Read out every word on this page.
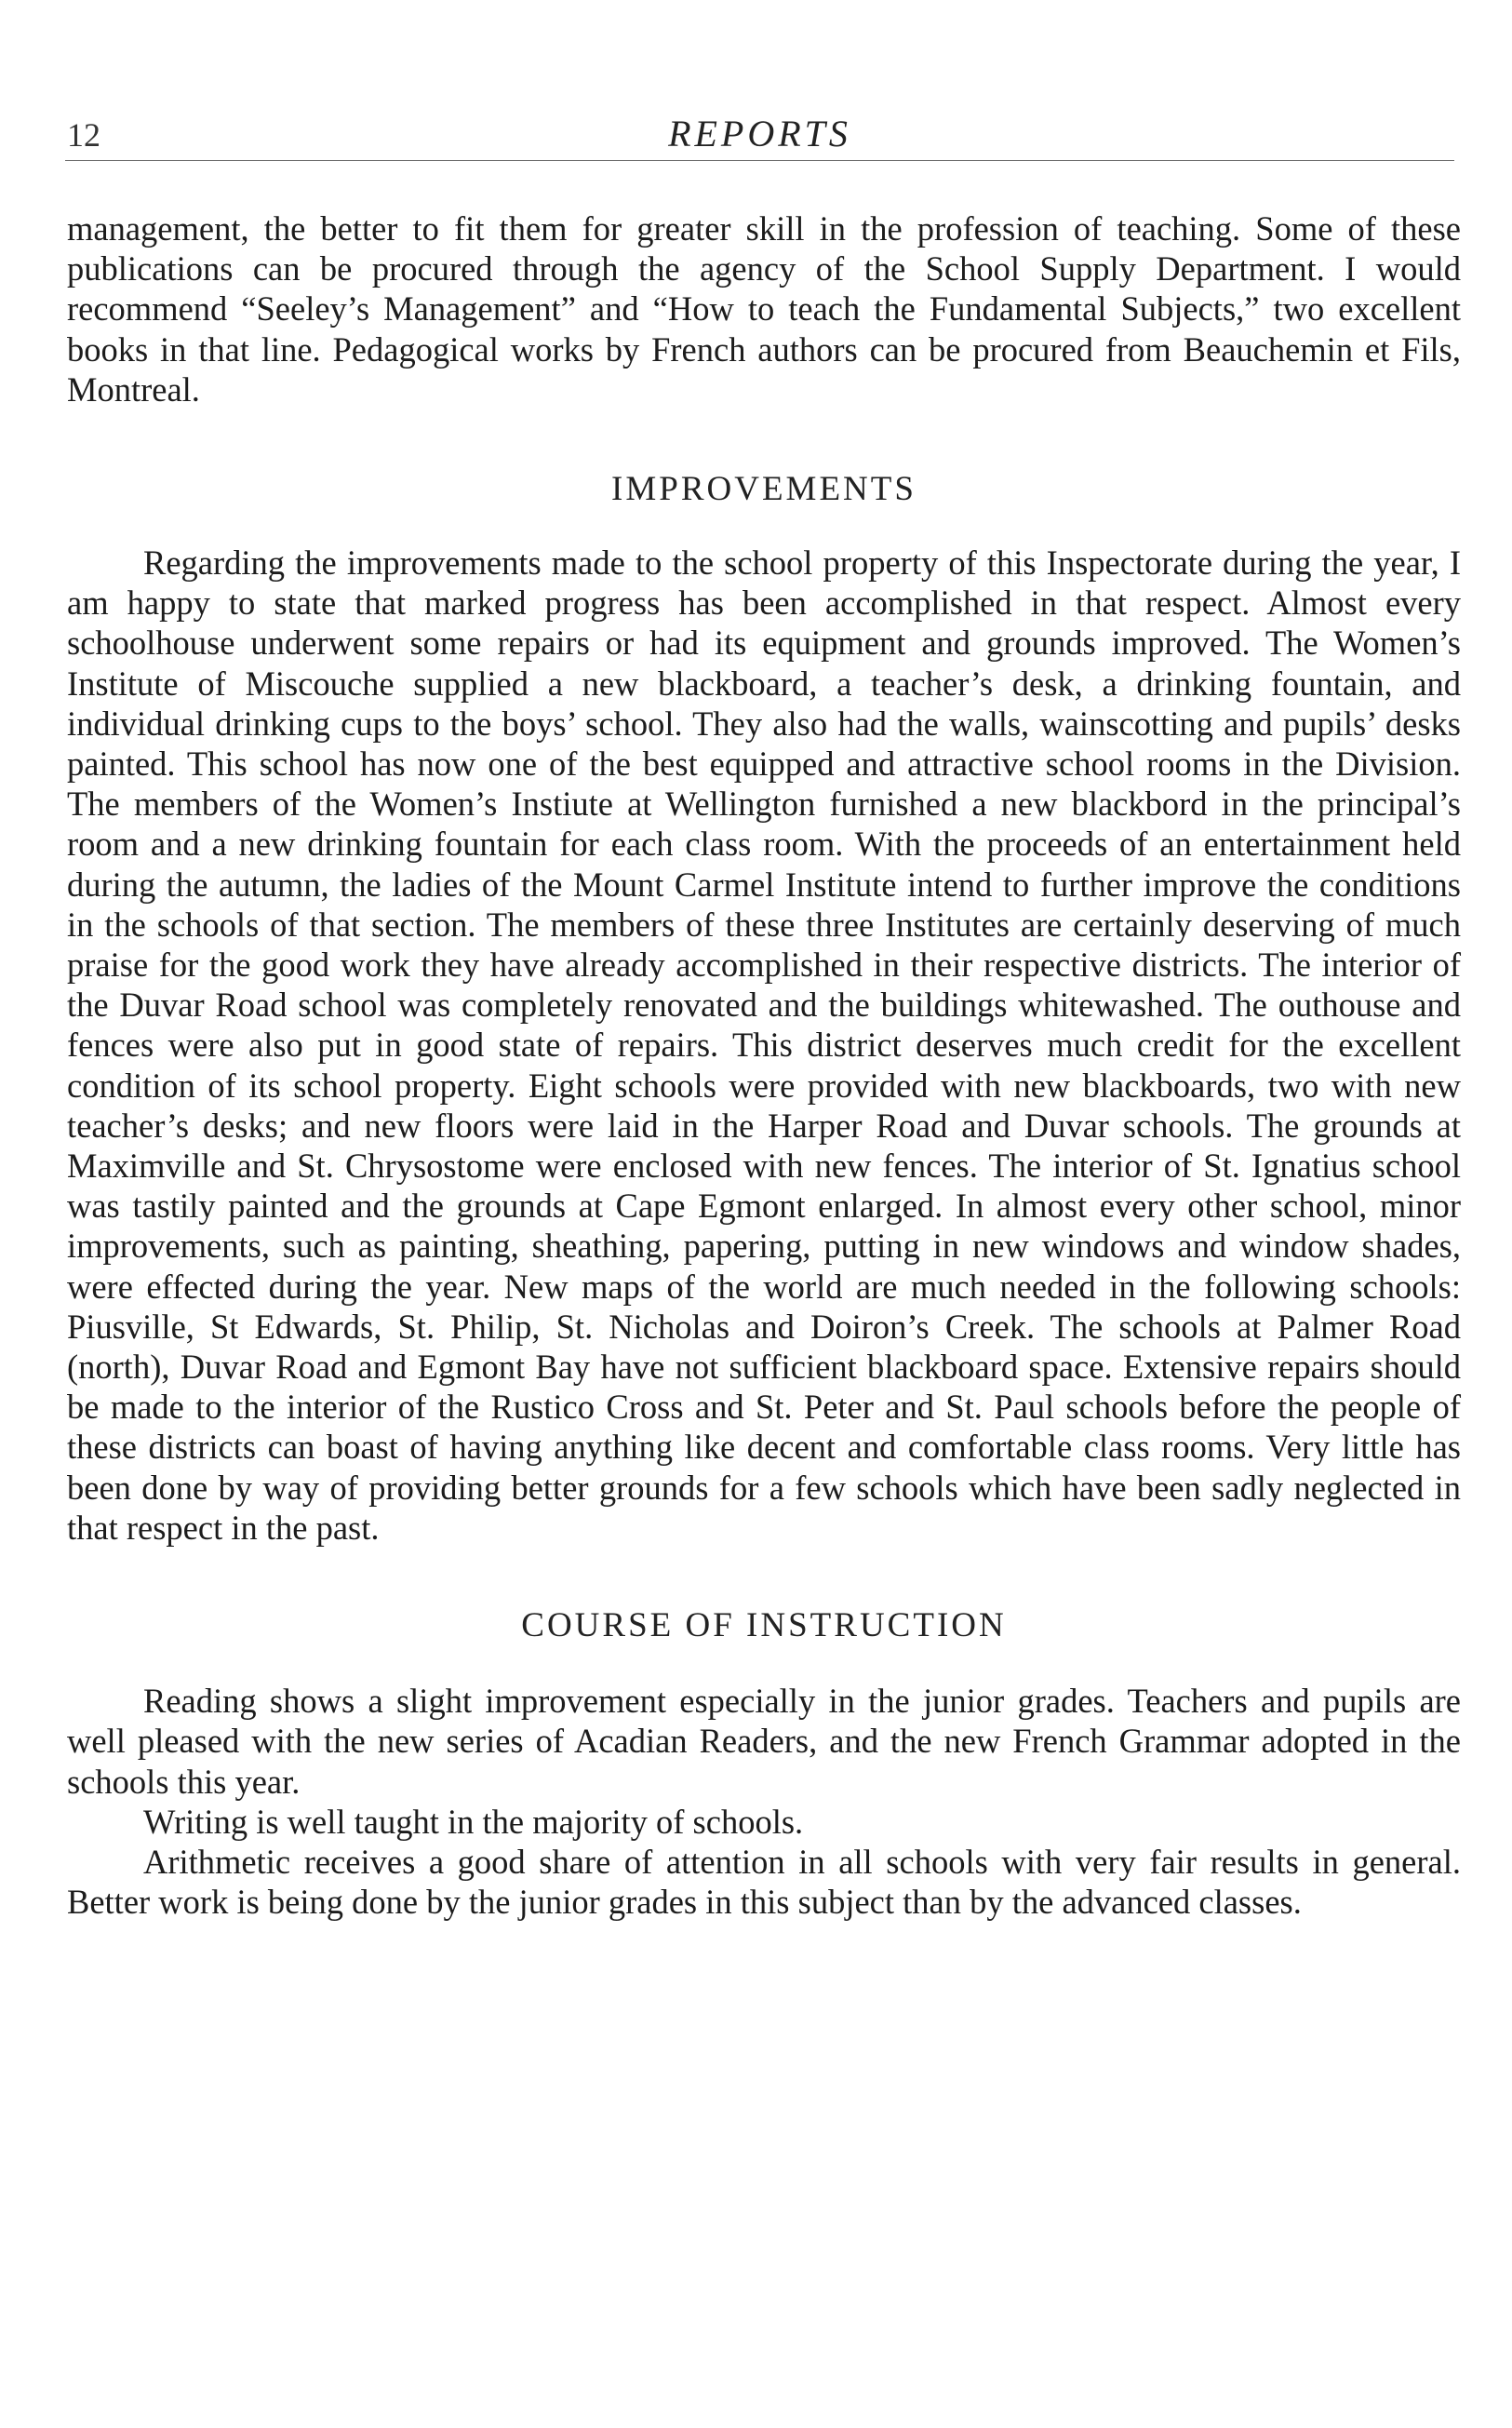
12	REPORTS

management, the better to fit them for greater skill in the profession of teaching. Some of these publications can be procured through the agency of the School Supply Department. I would recommend “Seeley’s Management” and “How to teach the Fundamental Subjects,” two excellent books in that line. Pedagogical works by French authors can be procured from Beauchemin et Fils, Montreal.

IMPROVEMENTS

Regarding the improvements made to the school property of this Inspectorate during the year, I am happy to state that marked progress has been accomplished in that respect. Almost every schoolhouse underwent some repairs or had its equipment and grounds improved. The Women’s Institute of Miscouche supplied a new blackboard, a teacher’s desk, a drinking fountain, and individual drinking cups to the boys’ school. They also had the walls, wainscotting and pupils’ desks painted. This school has now one of the best equipped and attractive school rooms in the Division. The members of the Women’s Instiute at Wellington furnished a new blackbord in the principal’s room and a new drinking fountain for each class room. With the proceeds of an entertainment held during the autumn, the ladies of the Mount Carmel Institute intend to further improve the conditions in the schools of that section. The members of these three Institutes are certainly deserving of much praise for the good work they have already accomplished in their respective districts. The interior of the Duvar Road school was completely renovated and the buildings whitewashed. The outhouse and fences were also put in good state of repairs. This district deserves much credit for the excellent condition of its school property. Eight schools were provided with new blackboards, two with new teacher’s desks; and new floors were laid in the Harper Road and Duvar schools. The grounds at Maximville and St. Chrysostome were enclosed with new fences. The interior of St. Ignatius school was tastily painted and the grounds at Cape Egmont enlarged. In almost every other school, minor improvements, such as painting, sheathing, papering, putting in new windows and window shades, were effected during the year. New maps of the world are much needed in the following schools: Piusville, St Edwards, St. Philip, St. Nicholas and Doiron’s Creek. The schools at Palmer Road (north), Duvar Road and Egmont Bay have not sufficient blackboard space. Extensive repairs should be made to the interior of the Rustico Cross and St. Peter and St. Paul schools before the people of these districts can boast of having anything like decent and comfortable class rooms. Very little has been done by way of providing better grounds for a few schools which have been sadly neglected in that respect in the past.

COURSE OF INSTRUCTION

Reading shows a slight improvement especially in the junior grades. Teachers and pupils are well pleased with the new series of Acadian Readers, and the new French Grammar adopted in the schools this year.

Writing is well taught in the majority of schools.

Arithmetic receives a good share of attention in all schools with very fair results in general. Better work is being done by the junior grades in this subject than by the advanced classes.
